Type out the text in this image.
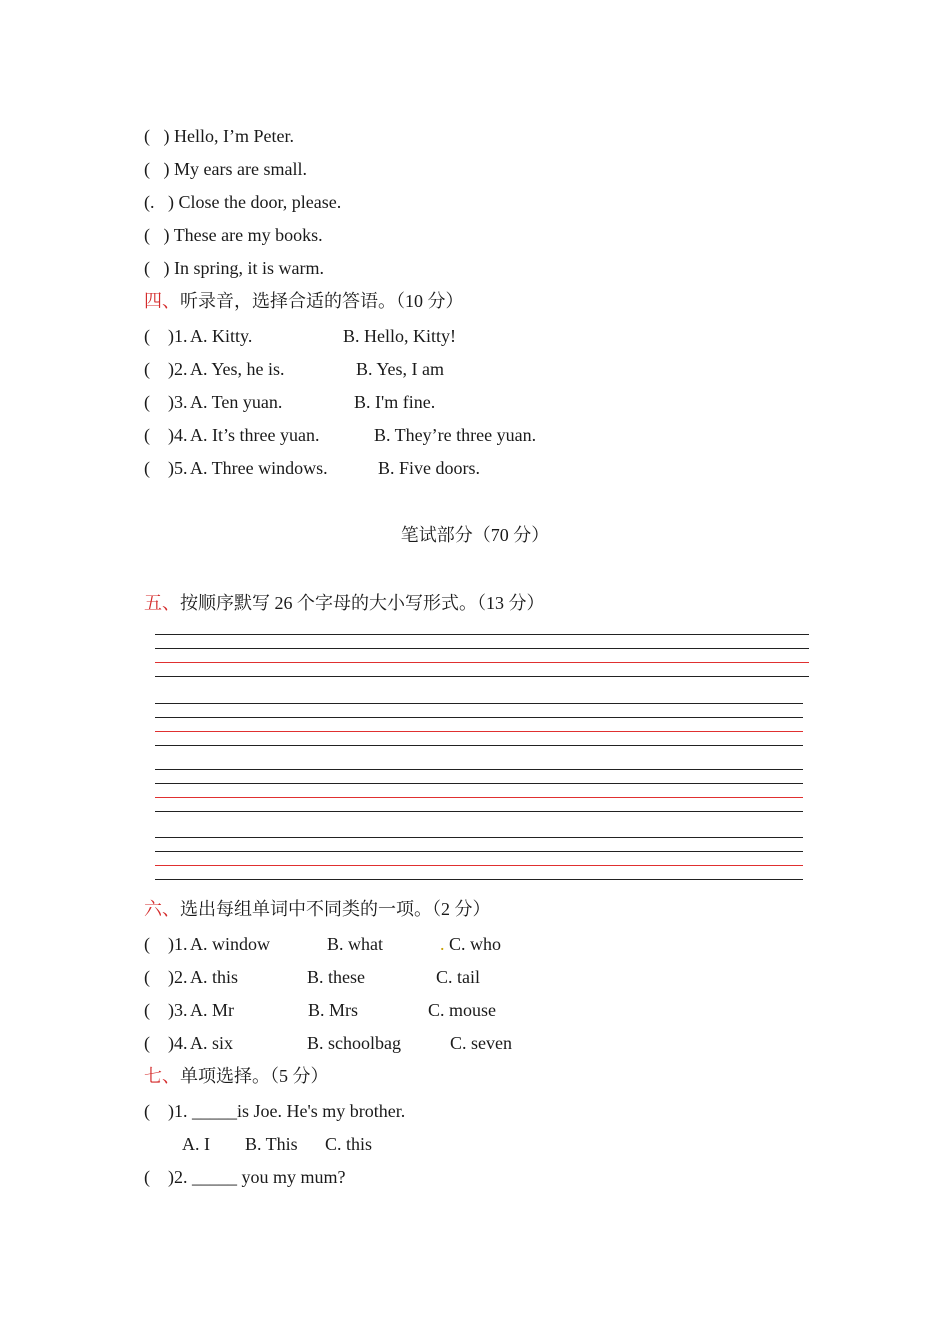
(   ) Hello, I’m Peter.
(   ) My ears are small.
(.   ) Close the door, please.
(   ) These are my books.
(   ) In spring, it is warm.
四、听录音，选择合适的答语。（10 分）
(    )1. A. Kitty.	B. Hello, Kitty!
(    )2. A. Yes, he is.	B. Yes, I am
(    )3. A. Ten yuan.	B. I'm fine.
(    )4. A. It’s three yuan.	B. They’re three yuan.
(    )5. A. Three windows.	B. Five doors.
笔试部分（70 分）
五、按顺序默写 26 个字母的大小写形式。（13 分）
六、选出每组单词中不同类的一项。（2 分）
(    )1. A. window	B. what	. C. who
(    )2. A. this	B. these	C. tail
(    )3. A. Mr	B. Mrs	C. mouse
(    )4. A. six	B. schoolbag	C. seven
七、单项选择。（5 分）
(    )1. _____is Joe. He's my brother.
A. I B. This C. this
(    )2. _____ you my mum?
